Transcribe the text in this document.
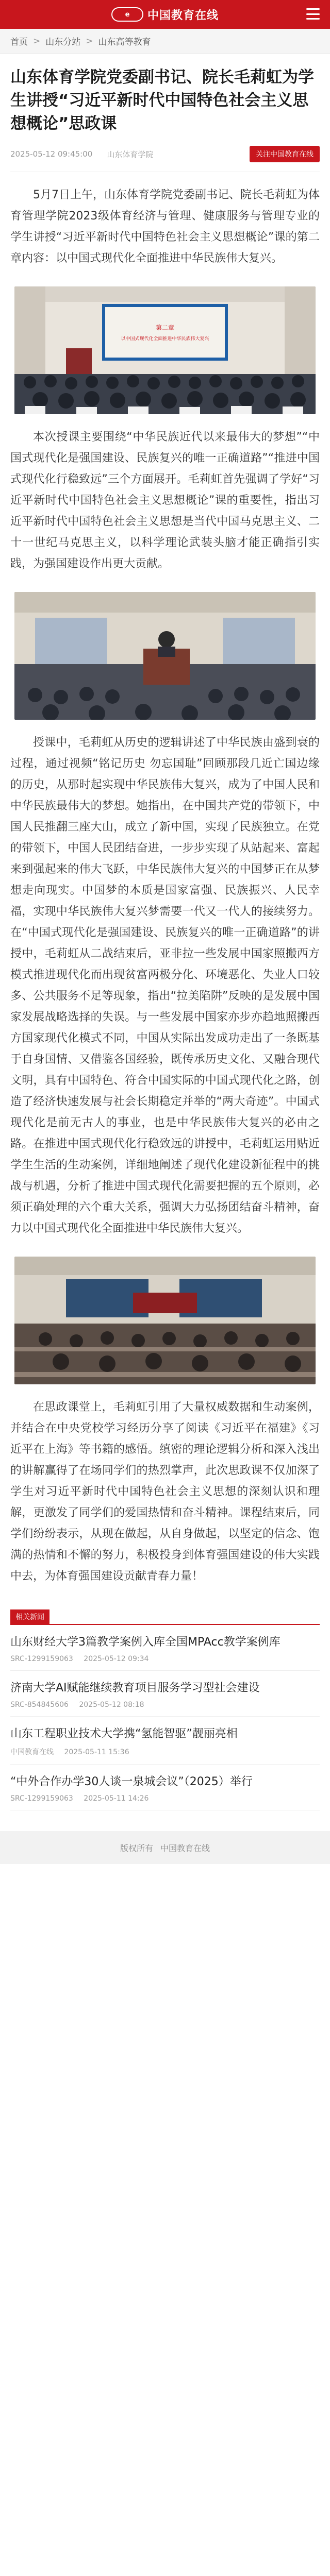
e	中国教育在线
首页 > 山东分站 > 山东高等教育
山东体育学院党委副书记、院长毛莉虹为学生讲授“习近平新时代中国特色社会主义思想概论”思政课
2025-05-12 09:45:00 山东体育学院	关注中国教育在线

5月7日上午，山东体育学院党委副书记、院长毛莉虹为体育管理学院2023级体育经济与管理、健康服务与管理专业的学生讲授“习近平新时代中国特色社会主义思想概论”课的第二章内容：以中国式现代化全面推进中华民族伟大复兴。

第二章
以中国式现代化全面推进中华民族伟大复兴

本次授课主要围绕“中华民族近代以来最伟大的梦想”“中国式现代化是强国建设、民族复兴的唯一正确道路”“推进中国式现代化行稳致远”三个方面展开。毛莉虹首先强调了学好“习近平新时代中国特色社会主义思想概论”课的重要性，指出习近平新时代中国特色社会主义思想是当代中国马克思主义、二十一世纪马克思主义，以科学理论武装头脑才能正确指引实践，为强国建设作出更大贡献。

授课中，毛莉虹从历史的逻辑讲述了中华民族由盛到衰的过程，通过视频“铭记历史 勿忘国耻”回顾那段几近亡国边缘的历史，从那时起实现中华民族伟大复兴，成为了中国人民和中华民族最伟大的梦想。她指出，在中国共产党的带领下，中国人民推翻三座大山，成立了新中国，实现了民族独立。在党的带领下，中国人民团结奋进，一步步实现了从站起来、富起来到强起来的伟大飞跃，中华民族伟大复兴的中国梦正在从梦想走向现实。中国梦的本质是国家富强、民族振兴、人民幸福，实现中华民族伟大复兴梦需要一代又一代人的接续努力。在“中国式现代化是强国建设、民族复兴的唯一正确道路”的讲授中，毛莉虹从二战结束后，亚非拉一些发展中国家照搬西方模式推进现代化而出现贫富两极分化、环境恶化、失业人口较多、公共服务不足等现象，指出“拉美陷阱”反映的是发展中国家发展战略选择的失误。与一些发展中国家亦步亦趋地照搬西方国家现代化模式不同，中国从实际出发成功走出了一条既基于自身国情、又借鉴各国经验，既传承历史文化、又融合现代文明，具有中国特色、符合中国实际的中国式现代化之路，创造了经济快速发展与社会长期稳定并举的“两大奇迹”。中国式现代化是前无古人的事业，也是中华民族伟大复兴的必由之路。在推进中国式现代化行稳致远的讲授中，毛莉虹运用贴近学生生活的生动案例，详细地阐述了现代化建设新征程中的挑战与机遇，分析了推进中国式现代化需要把握的五个原则，必须正确处理的六个重大关系，强调大力弘扬团结奋斗精神，奋力以中国式现代化全面推进中华民族伟大复兴。

在思政课堂上，毛莉虹引用了大量权威数据和生动案例，并结合在中央党校学习经历分享了阅读《习近平在福建》《习近平在上海》等书籍的感悟。缜密的理论逻辑分析和深入浅出的讲解赢得了在场同学们的热烈掌声，此次思政课不仅加深了学生对习近平新时代中国特色社会主义思想的深刻认识和理解，更激发了同学们的爱国热情和奋斗精神。课程结束后，同学们纷纷表示，从现在做起，从自身做起，以坚定的信念、饱满的热情和不懈的努力，积极投身到体育强国建设的伟大实践中去，为体育强国建设贡献青春力量！

相关新闻
山东财经大学3篇教学案例入库全国MPAcc教学案例库
SRC-1299159063 2025-05-12 09:34
济南大学AI赋能继续教育项目服务学习型社会建设
SRC-854845606 2025-05-12 08:18
山东工程职业技术大学携“氢能智驱”靓丽亮相
中国教育在线 2025-05-11 15:36
“中外合作办学30人谈一泉城会议”（2025）举行
SRC-1299159063 2025-05-11 14:26
版权所有 中国教育在线
